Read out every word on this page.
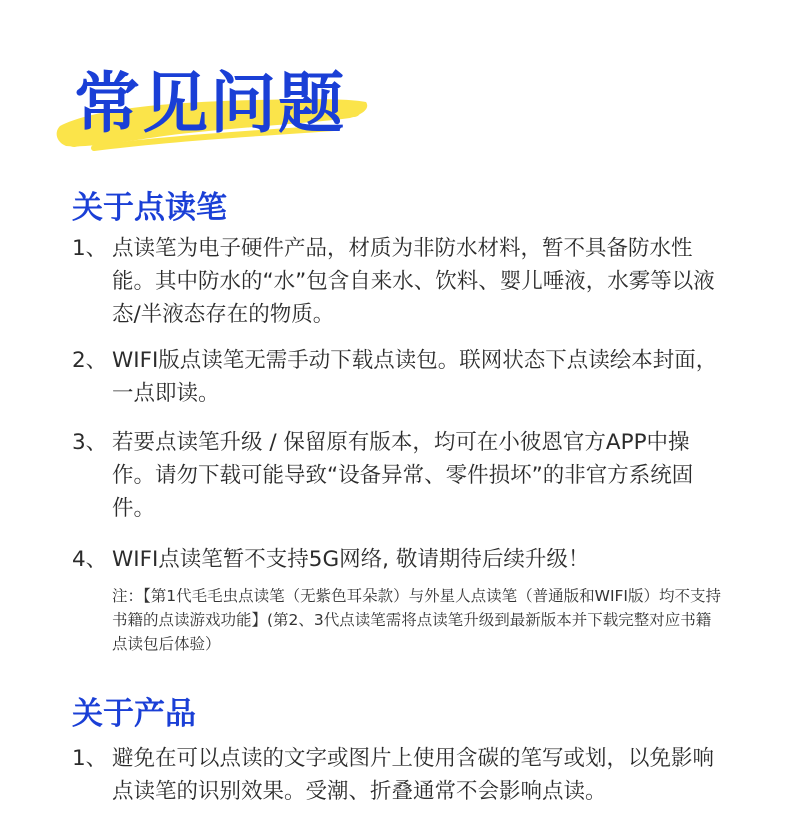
常见问题
关于点读笔
1、 点读笔为电子硬件产品，材质为非防水材料，暂不具备防水性能。其中防水的“水”包含自来水、饮料、婴儿唾液，水雾等以液态/半液态存在的物质。
2、 WIFI版点读笔无需手动下载点读包。联网状态下点读绘本封面，一点即读。
3、 若要点读笔升级 / 保留原有版本，均可在小彼恩官方APP中操作。请勿下载可能导致“设备异常、零件损坏”的非官方系统固件。
4、 WIFI点读笔暂不支持5G网络, 敬请期待后续升级！
注：【第1代毛毛虫点读笔（无紫色耳朵款）与外星人点读笔（普通版和WIFI版）均不支持书籍的点读游戏功能】(第2、3代点读笔需将点读笔升级到最新版本并下载完整对应书籍点读包后体验）
关于产品
1、 避免在可以点读的文字或图片上使用含碳的笔写或划，以免影响点读笔的识别效果。受潮、折叠通常不会影响点读。
